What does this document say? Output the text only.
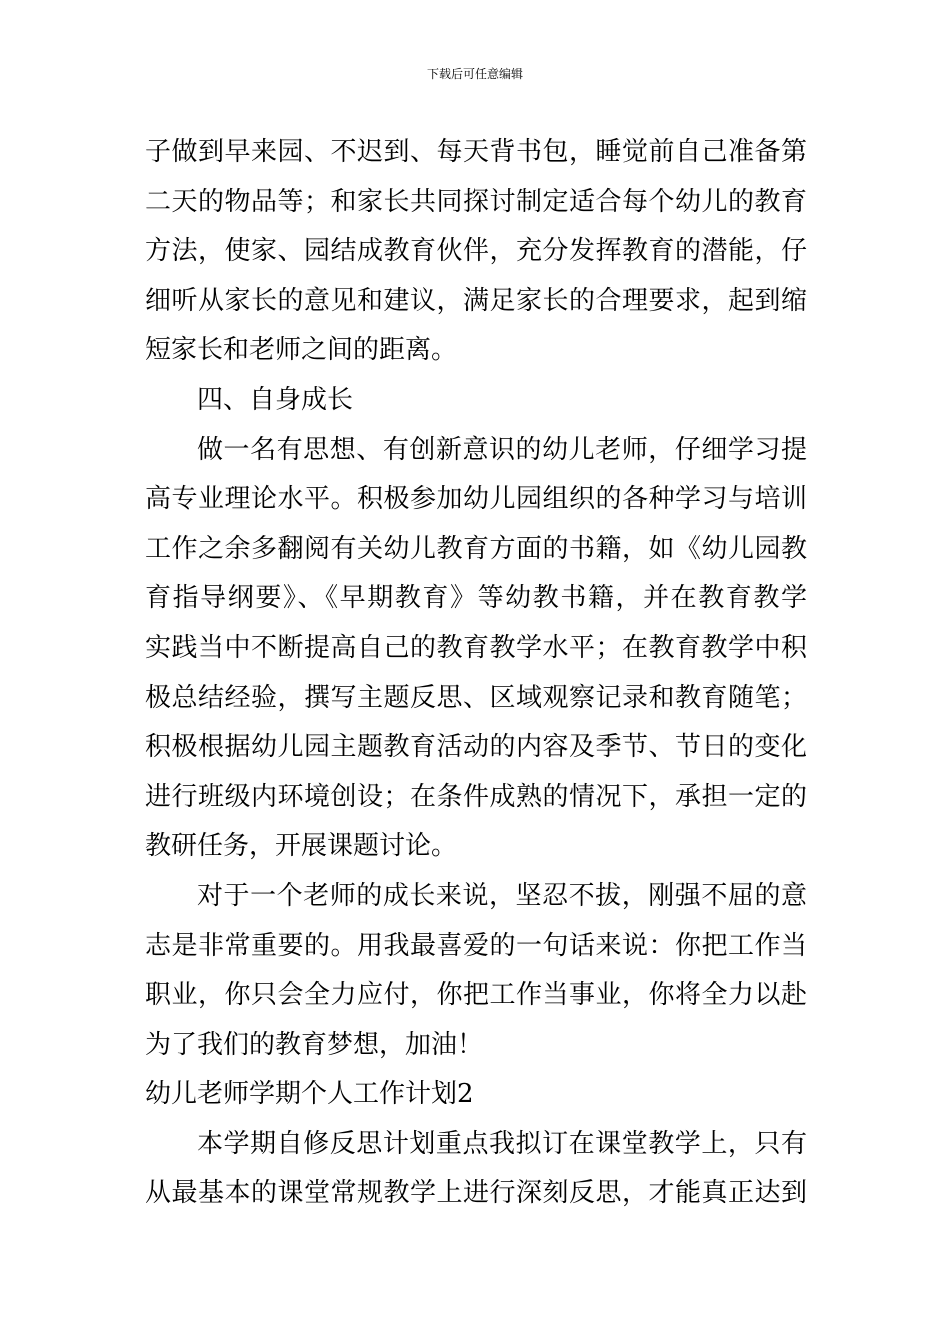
下载后可任意编辑
子做到早来园、不迟到、每天背书包，睡觉前自己准备第
二天的物品等；和家长共同探讨制定适合每个幼儿的教育
方法，使家、园结成教育伙伴，充分发挥教育的潜能，仔
细听从家长的意见和建议，满足家长的合理要求，起到缩
短家长和老师之间的距离。
四、自身成长
做一名有思想、有创新意识的幼儿老师，仔细学习提
高专业理论水平。积极参加幼儿园组织的各种学习与培训
工作之余多翻阅有关幼儿教育方面的书籍，如《幼儿园教
育指导纲要》、《早期教育》等幼教书籍，并在教育教学
实践当中不断提高自己的教育教学水平；在教育教学中积
极总结经验，撰写主题反思、区域观察记录和教育随笔；
积极根据幼儿园主题教育活动的内容及季节、节日的变化
进行班级内环境创设；在条件成熟的情况下，承担一定的
教研任务，开展课题讨论。
对于一个老师的成长来说，坚忍不拔，刚强不屈的意
志是非常重要的。用我最喜爱的一句话来说：你把工作当
职业，你只会全力应付，你把工作当事业，你将全力以赴
为了我们的教育梦想，加油！
幼儿老师学期个人工作计划2
本学期自修反思计划重点我拟订在课堂教学上，只有
从最基本的课堂常规教学上进行深刻反思，才能真正达到
